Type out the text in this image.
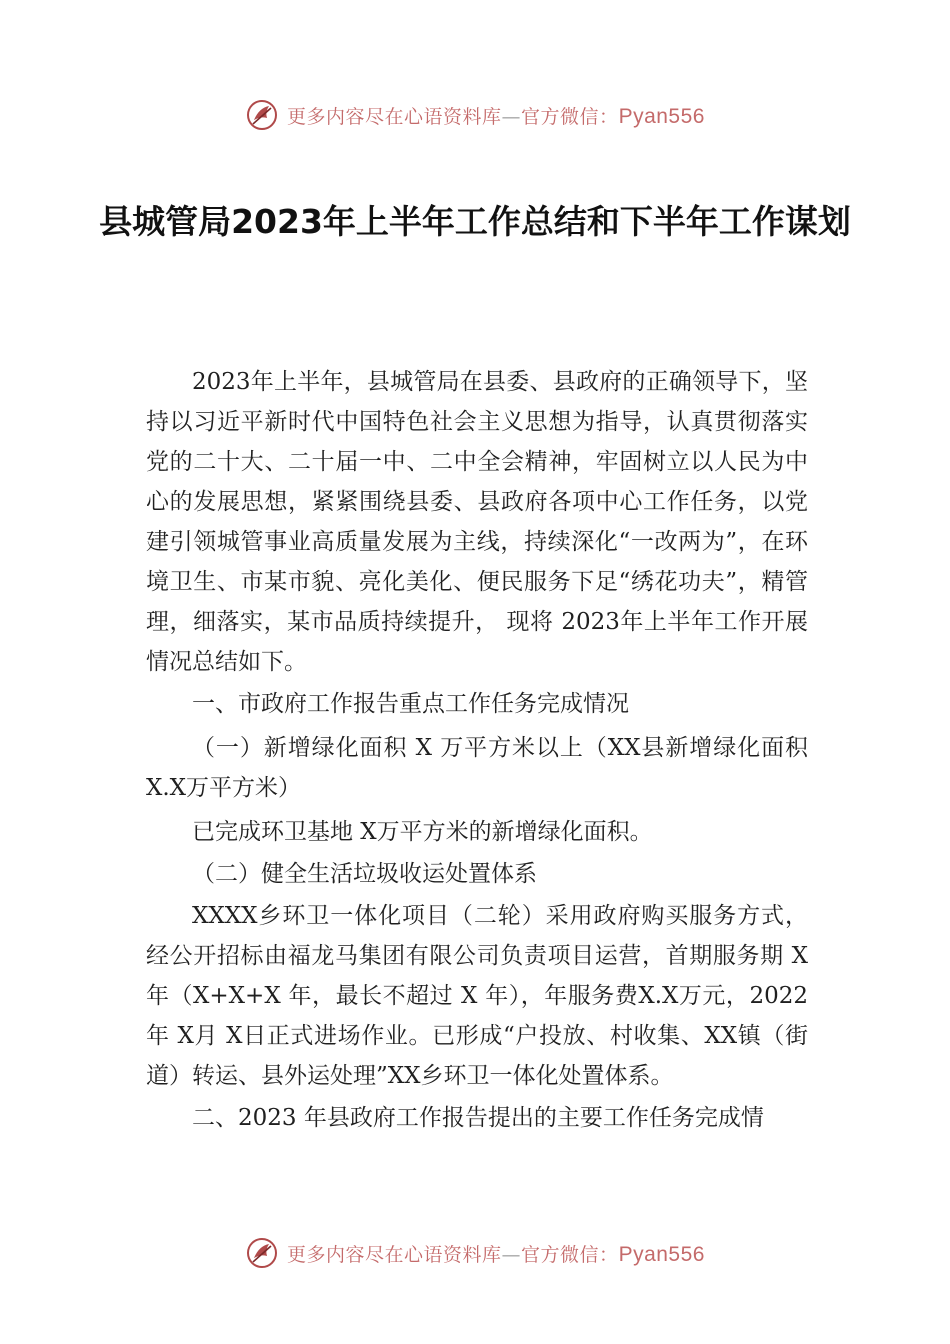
更多内容尽在心语资料库—官方微信：Pyan556
县城管局2023年上半年工作总结和下半年工作谋划

2023年上半年，县城管局在县委、县政府的正确领导下，坚持以习近平新时代中国特色社会主义思想为指导，认真贯彻落实党的二十大、二十届一中、二中全会精神，牢固树立以人民为中心的发展思想，紧紧围绕县委、县政府各项中心工作任务，以党建引领城管事业高质量发展为主线，持续深化“一改两为”，在环境卫生、市某市貌、亮化美化、便民服务下足“绣花功夫”，精管理，细落实，某市品质持续提升， 现将 2023年上半年工作开展情况总结如下。

一、市政府工作报告重点工作任务完成情况

（一）新增绿化面积 X 万平方米以上（XX县新增绿化面积 X.X万平方米）

已完成环卫基地 X万平方米的新增绿化面积。

（二）健全生活垃圾收运处置体系

XXXX乡环卫一体化项目（二轮）采用政府购买服务方式，经公开招标由福龙马集团有限公司负责项目运营，首期服务期 X 年（X+X+X 年，最长不超过 X 年），年服务费X.X万元，2022年 X月 X日正式进场作业。已形成“户投放、村收集、XX镇（街道）转运、县外运处理”XX乡环卫一体化处置体系。

二、2023 年县政府工作报告提出的主要工作任务完成情

更多内容尽在心语资料库—官方微信：Pyan556
